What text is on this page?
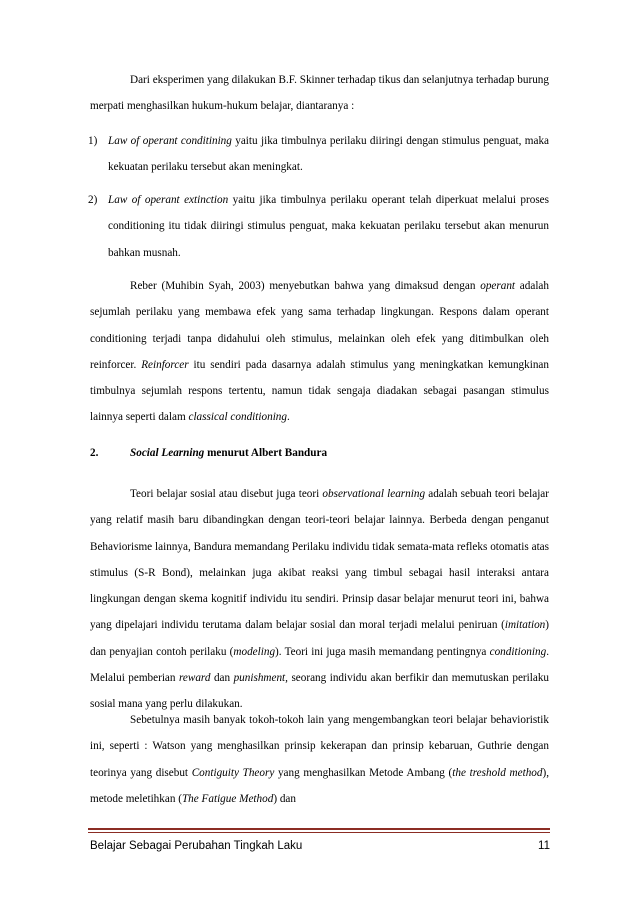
Dari eksperimen yang dilakukan B.F. Skinner terhadap tikus dan selanjutnya terhadap burung merpati menghasilkan hukum-hukum belajar, diantaranya :

1) Law of operant conditining yaitu jika timbulnya perilaku diiringi dengan stimulus penguat, maka kekuatan perilaku tersebut akan meningkat.

2) Law of operant extinction yaitu jika timbulnya perilaku operant telah diperkuat melalui proses conditioning itu tidak diiringi stimulus penguat, maka kekuatan perilaku tersebut akan menurun bahkan musnah.

Reber (Muhibin Syah, 2003) menyebutkan bahwa yang dimaksud dengan operant adalah sejumlah perilaku yang membawa efek yang sama terhadap lingkungan. Respons dalam operant conditioning terjadi tanpa didahului oleh stimulus, melainkan oleh efek yang ditimbulkan oleh reinforcer. Reinforcer itu sendiri pada dasarnya adalah stimulus yang meningkatkan kemungkinan timbulnya sejumlah respons tertentu, namun tidak sengaja diadakan sebagai pasangan stimulus lainnya seperti dalam classical conditioning.

2.	Social Learning menurut Albert Bandura

Teori belajar sosial atau disebut juga teori observational learning adalah sebuah teori belajar yang relatif masih baru dibandingkan dengan teori-teori belajar lainnya. Berbeda dengan penganut Behaviorisme lainnya, Bandura memandang Perilaku individu tidak semata-mata refleks otomatis atas stimulus (S-R Bond), melainkan juga akibat reaksi yang timbul sebagai hasil interaksi antara lingkungan dengan skema kognitif individu itu sendiri. Prinsip dasar belajar menurut teori ini, bahwa yang dipelajari individu terutama dalam belajar sosial dan moral terjadi melalui peniruan (imitation) dan penyajian contoh perilaku (modeling). Teori ini juga masih memandang pentingnya conditioning. Melalui pemberian reward dan punishment, seorang individu akan berfikir dan memutuskan perilaku sosial mana yang perlu dilakukan.

Sebetulnya masih banyak tokoh-tokoh lain yang mengembangkan teori belajar behavioristik ini, seperti : Watson yang menghasilkan prinsip kekerapan dan prinsip kebaruan, Guthrie dengan teorinya yang disebut Contiguity Theory yang menghasilkan Metode Ambang (the treshold method), metode meletihkan (The Fatigue Method) dan

Belajar Sebagai Perubahan Tingkah Laku	11
